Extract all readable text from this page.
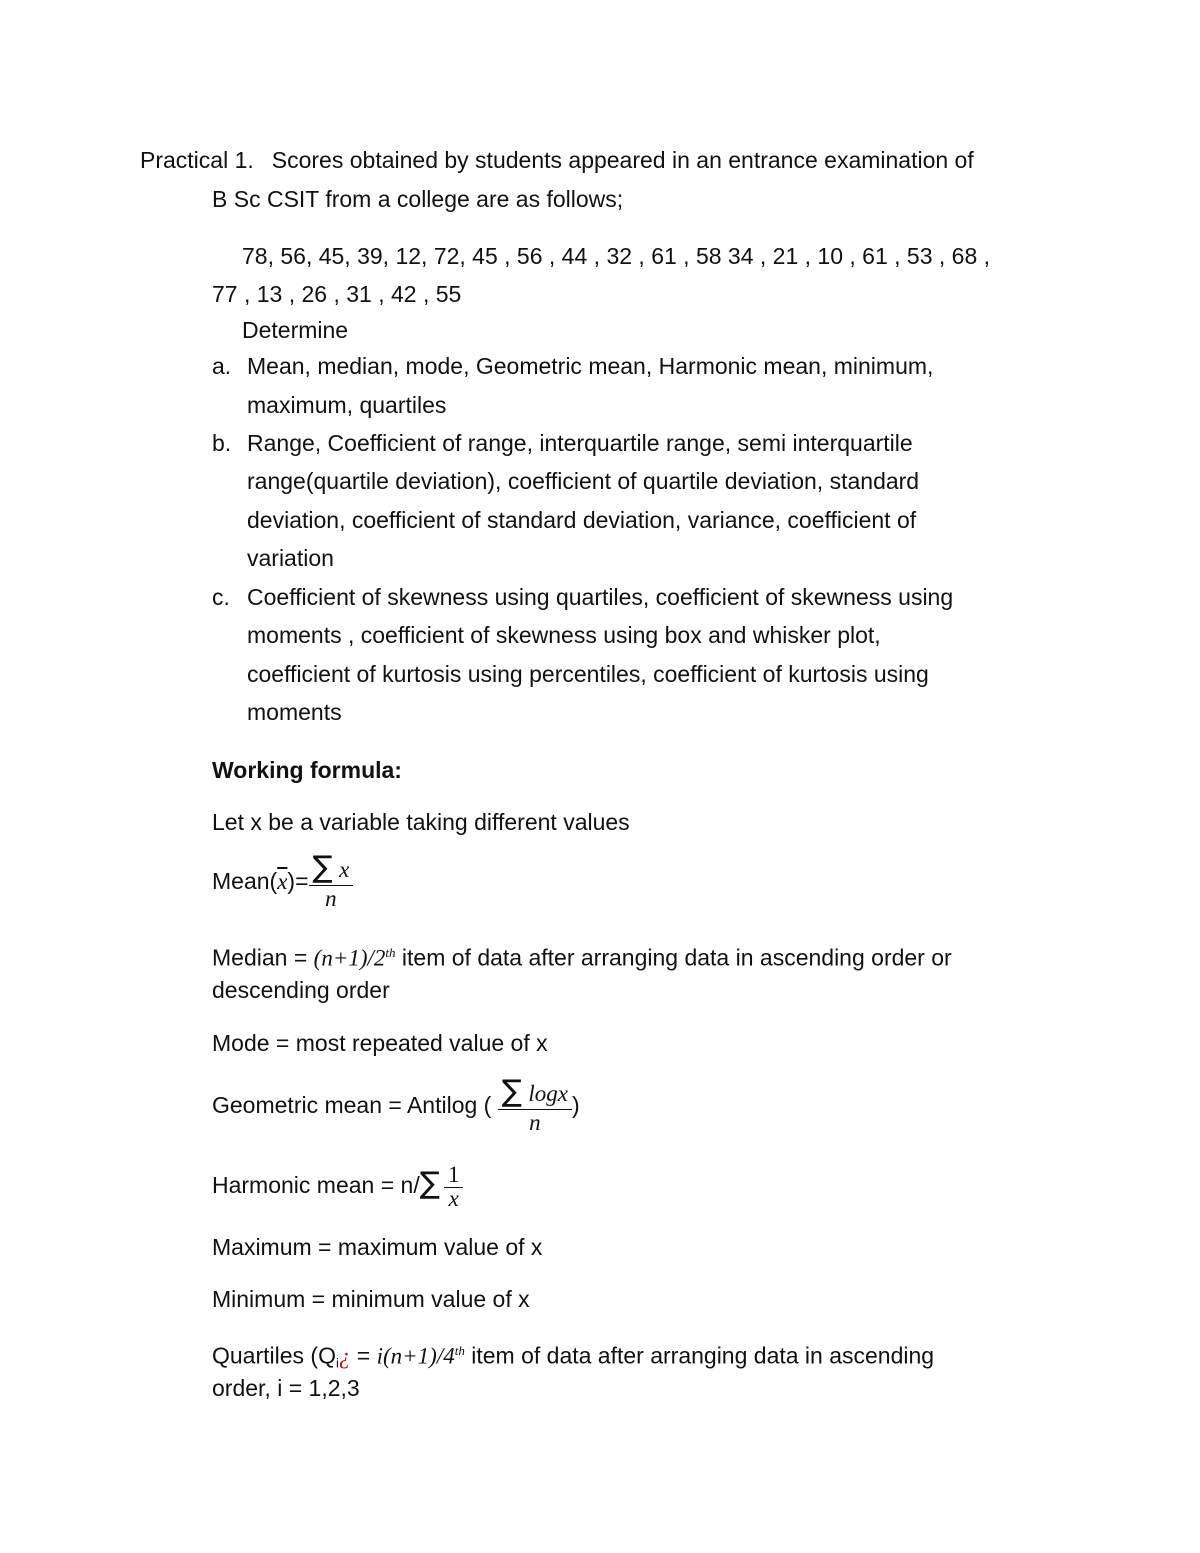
Practical 1. Scores obtained by students appeared in an entrance examination of
B Sc CSIT from a college are as follows;
78, 56, 45, 39, 12, 72, 45 , 56 , 44 , 32 , 61 , 58 34 , 21 , 10 , 61 , 53 , 68 ,
77 , 13 , 26 , 31 , 42 , 55
Determine
a. Mean, median, mode, Geometric mean, Harmonic mean, minimum,
maximum, quartiles
b. Range, Coefficient of range, interquartile range, semi interquartile
range(quartile deviation), coefficient of quartile deviation, standard
deviation, coefficient of standard deviation, variance, coefficient of
variation
c. Coefficient of skewness using quartiles, coefficient of skewness using
moments , coefficient of skewness using box and whisker plot,
coefficient of kurtosis using percentiles, coefficient of kurtosis using
moments
Working formula:
Let x be a variable taking different values
$Mean(\overline{x})= \frac{\sum x}{n}$
Median = (n+1)/2th item of data after arranging data in ascending order or
descending order
Mode = most repeated value of x
Geometric mean = Antilog ( $\frac{\sum \log x}{n}$ )
Harmonic mean = $n/\sum \frac{1}{x}$
Maximum = maximum value of x
Minimum = minimum value of x
Quartiles ($Q_i¿ = i(n+1)/4th$ item of data after arranging data in ascending
order, i = 1,2,3
